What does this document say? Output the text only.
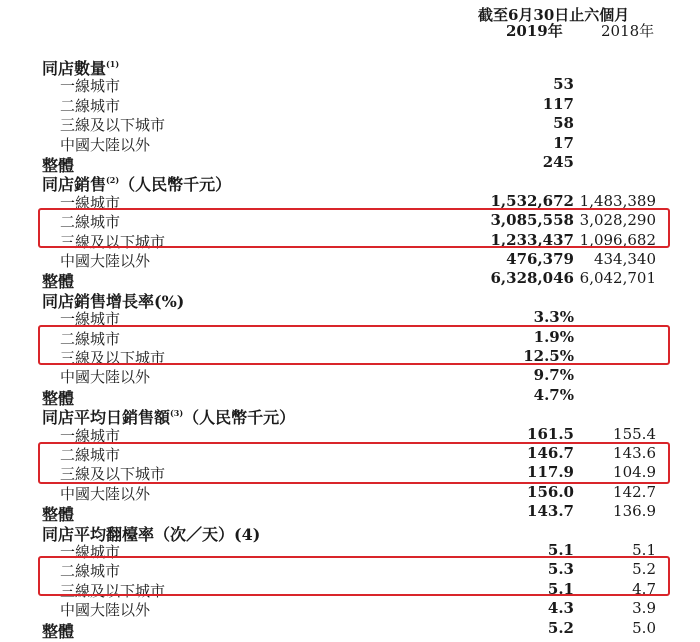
截至6月30日止六個月
2019年	2018年
同店數量$^{(1)}$
一線城市	53
二線城市	117
三線及以下城市	58
中國大陸以外	17
整體	245
同店銷售$^{(2)}$（人民幣千元）
一線城市	1,532,672 1,483,389
二線城市	3,085,558 3,028,290
三線及以下城市	1,233,437 1,096,682
中國大陸以外	476,379 434,340
整體	6,328,046 6,042,701
同店銷售增長率(%)
一線城市	3.3%
二線城市	1.9%
三線及以下城市	12.5%
中國大陸以外	9.7%
整體	4.7%
同店平均日銷售額$^{(3)}$（人民幣千元）
一線城市	161.5	155.4
二線城市	146.7	143.6
三線及以下城市	117.9	104.9
中國大陸以外	156.0	142.7
整體	143.7	136.9
同店平均翻檯率（次／天）(4)
一線城市	5.1	5.1
二線城市	5.3	5.2
三線及以下城市	5.1	4.7
中國大陸以外	4.3	3.9
整體	5.2	5.0
